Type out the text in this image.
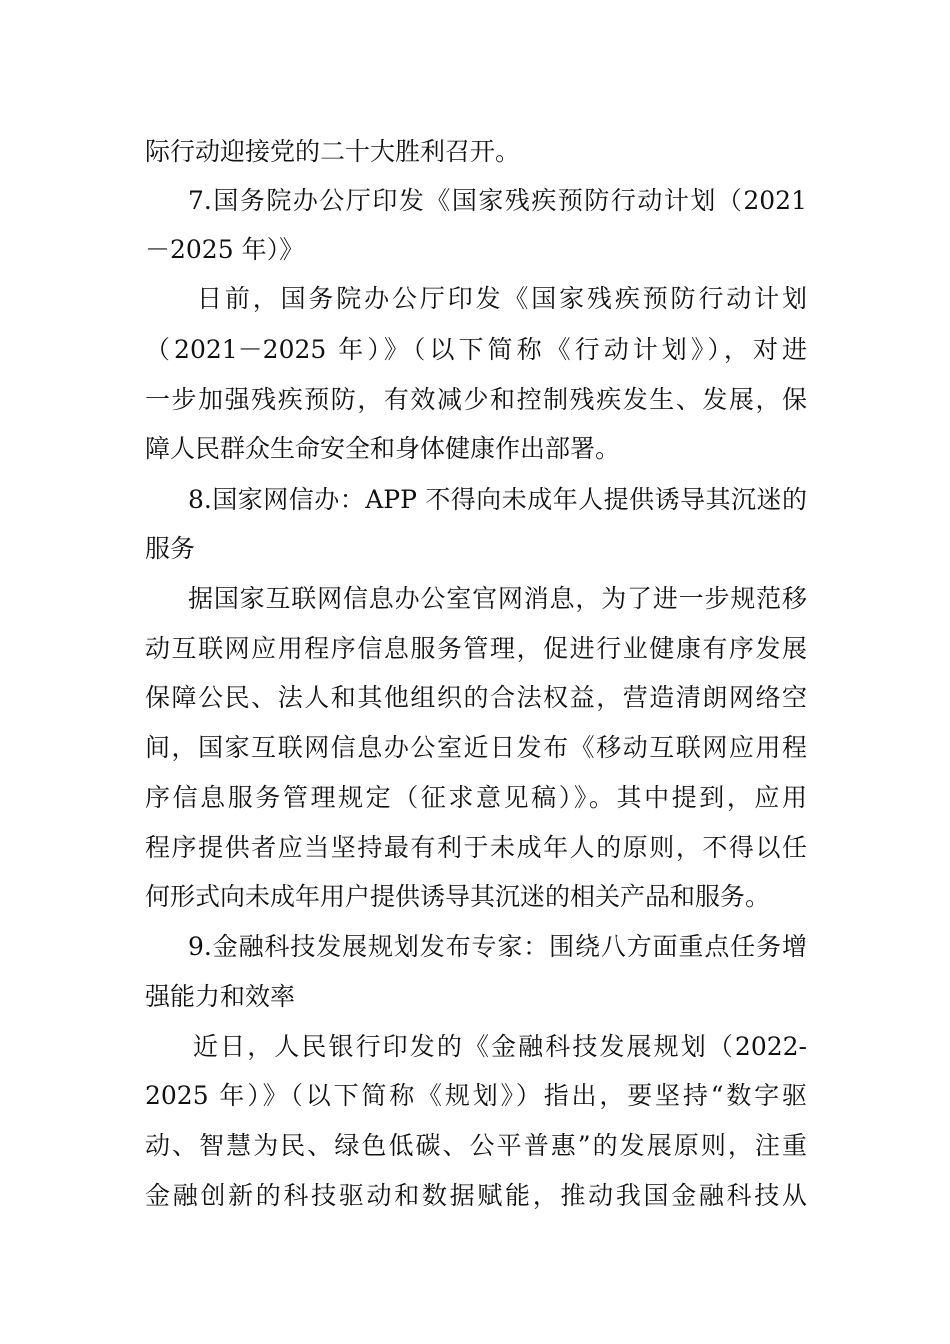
际行动迎接党的二十大胜利召开。
7.国务院办公厅印发《国家残疾预防行动计划（2021
－2025 年）》
日前，国务院办公厅印发《国家残疾预防行动计划
（2021－2025 年）》（以下简称《行动计划》），对进
一步加强残疾预防，有效减少和控制残疾发生、发展，保
障人民群众生命安全和身体健康作出部署。
8.国家网信办：APP 不得向未成年人提供诱导其沉迷的
服务
据国家互联网信息办公室官网消息，为了进一步规范移
动互联网应用程序信息服务管理，促进行业健康有序发展
保障公民、法人和其他组织的合法权益，营造清朗网络空
间，国家互联网信息办公室近日发布《移动互联网应用程
序信息服务管理规定（征求意见稿）》。其中提到，应用
程序提供者应当坚持最有利于未成年人的原则，不得以任
何形式向未成年用户提供诱导其沉迷的相关产品和服务。
9.金融科技发展规划发布专家：围绕八方面重点任务增
强能力和效率
近日，人民银行印发的《金融科技发展规划（2022-
2025 年）》（以下简称《规划》）指出，要坚持“数字驱
动、智慧为民、绿色低碳、公平普惠”的发展原则，注重
金融创新的科技驱动和数据赋能，推动我国金融科技从
